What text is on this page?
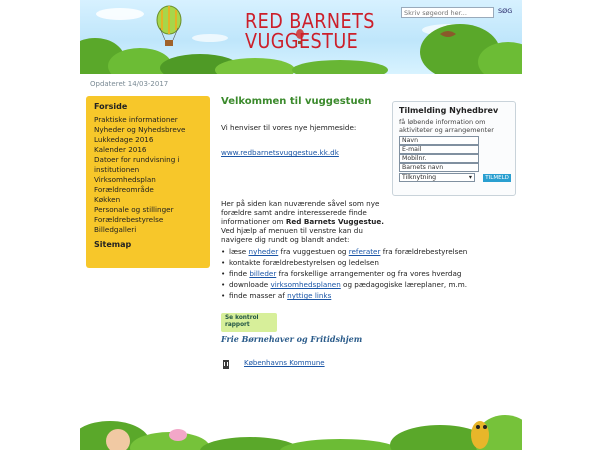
RED BARNETS
VUGGESTUE
Skriv søgeord her...
SØG
Opdateret 14/03-2017
Forside
Praktiske informationer
Nyheder og Nyhedsbreve
Lukkedage 2016
Kalender 2016
Datoer for rundvisning i institutionen
Virksomhedsplan
Forældreområde
Køkken
Personale og stillinger
Forældrebestyrelse
Billedgalleri
Sitemap
Velkommen til vuggestuen
Vi henviser til vores nye hjemmeside:
www.redbarnetsvuggestue.kk.dk
Her på siden kan nuværende såvel som nye forældre samt andre interesserede finde informationer om Red Barnets Vuggestue. Ved hjælp af menuen til venstre kan du navigere dig rundt og blandt andet:
• læse nyheder fra vuggestuen og referater fra forældrebestyrelsen
• kontakte forældrebestyrelsen og ledelsen
• finde billeder fra forskellige arrangementer og fra vores hverdag
• downloade virksomhedsplanen og pædagogiske læreplaner, m.m.
• finde masser af nyttige links
Tilmelding Nyhedbrev
få løbende information om aktiviteter og arrangementer
Navn
E-mail
Mobilnr.
Barnets navn
Tilknytning	▾ TILMELD
Se kontrol
rapport
Frie Børnehaver og Fritidshjem
Københavns Kommune
